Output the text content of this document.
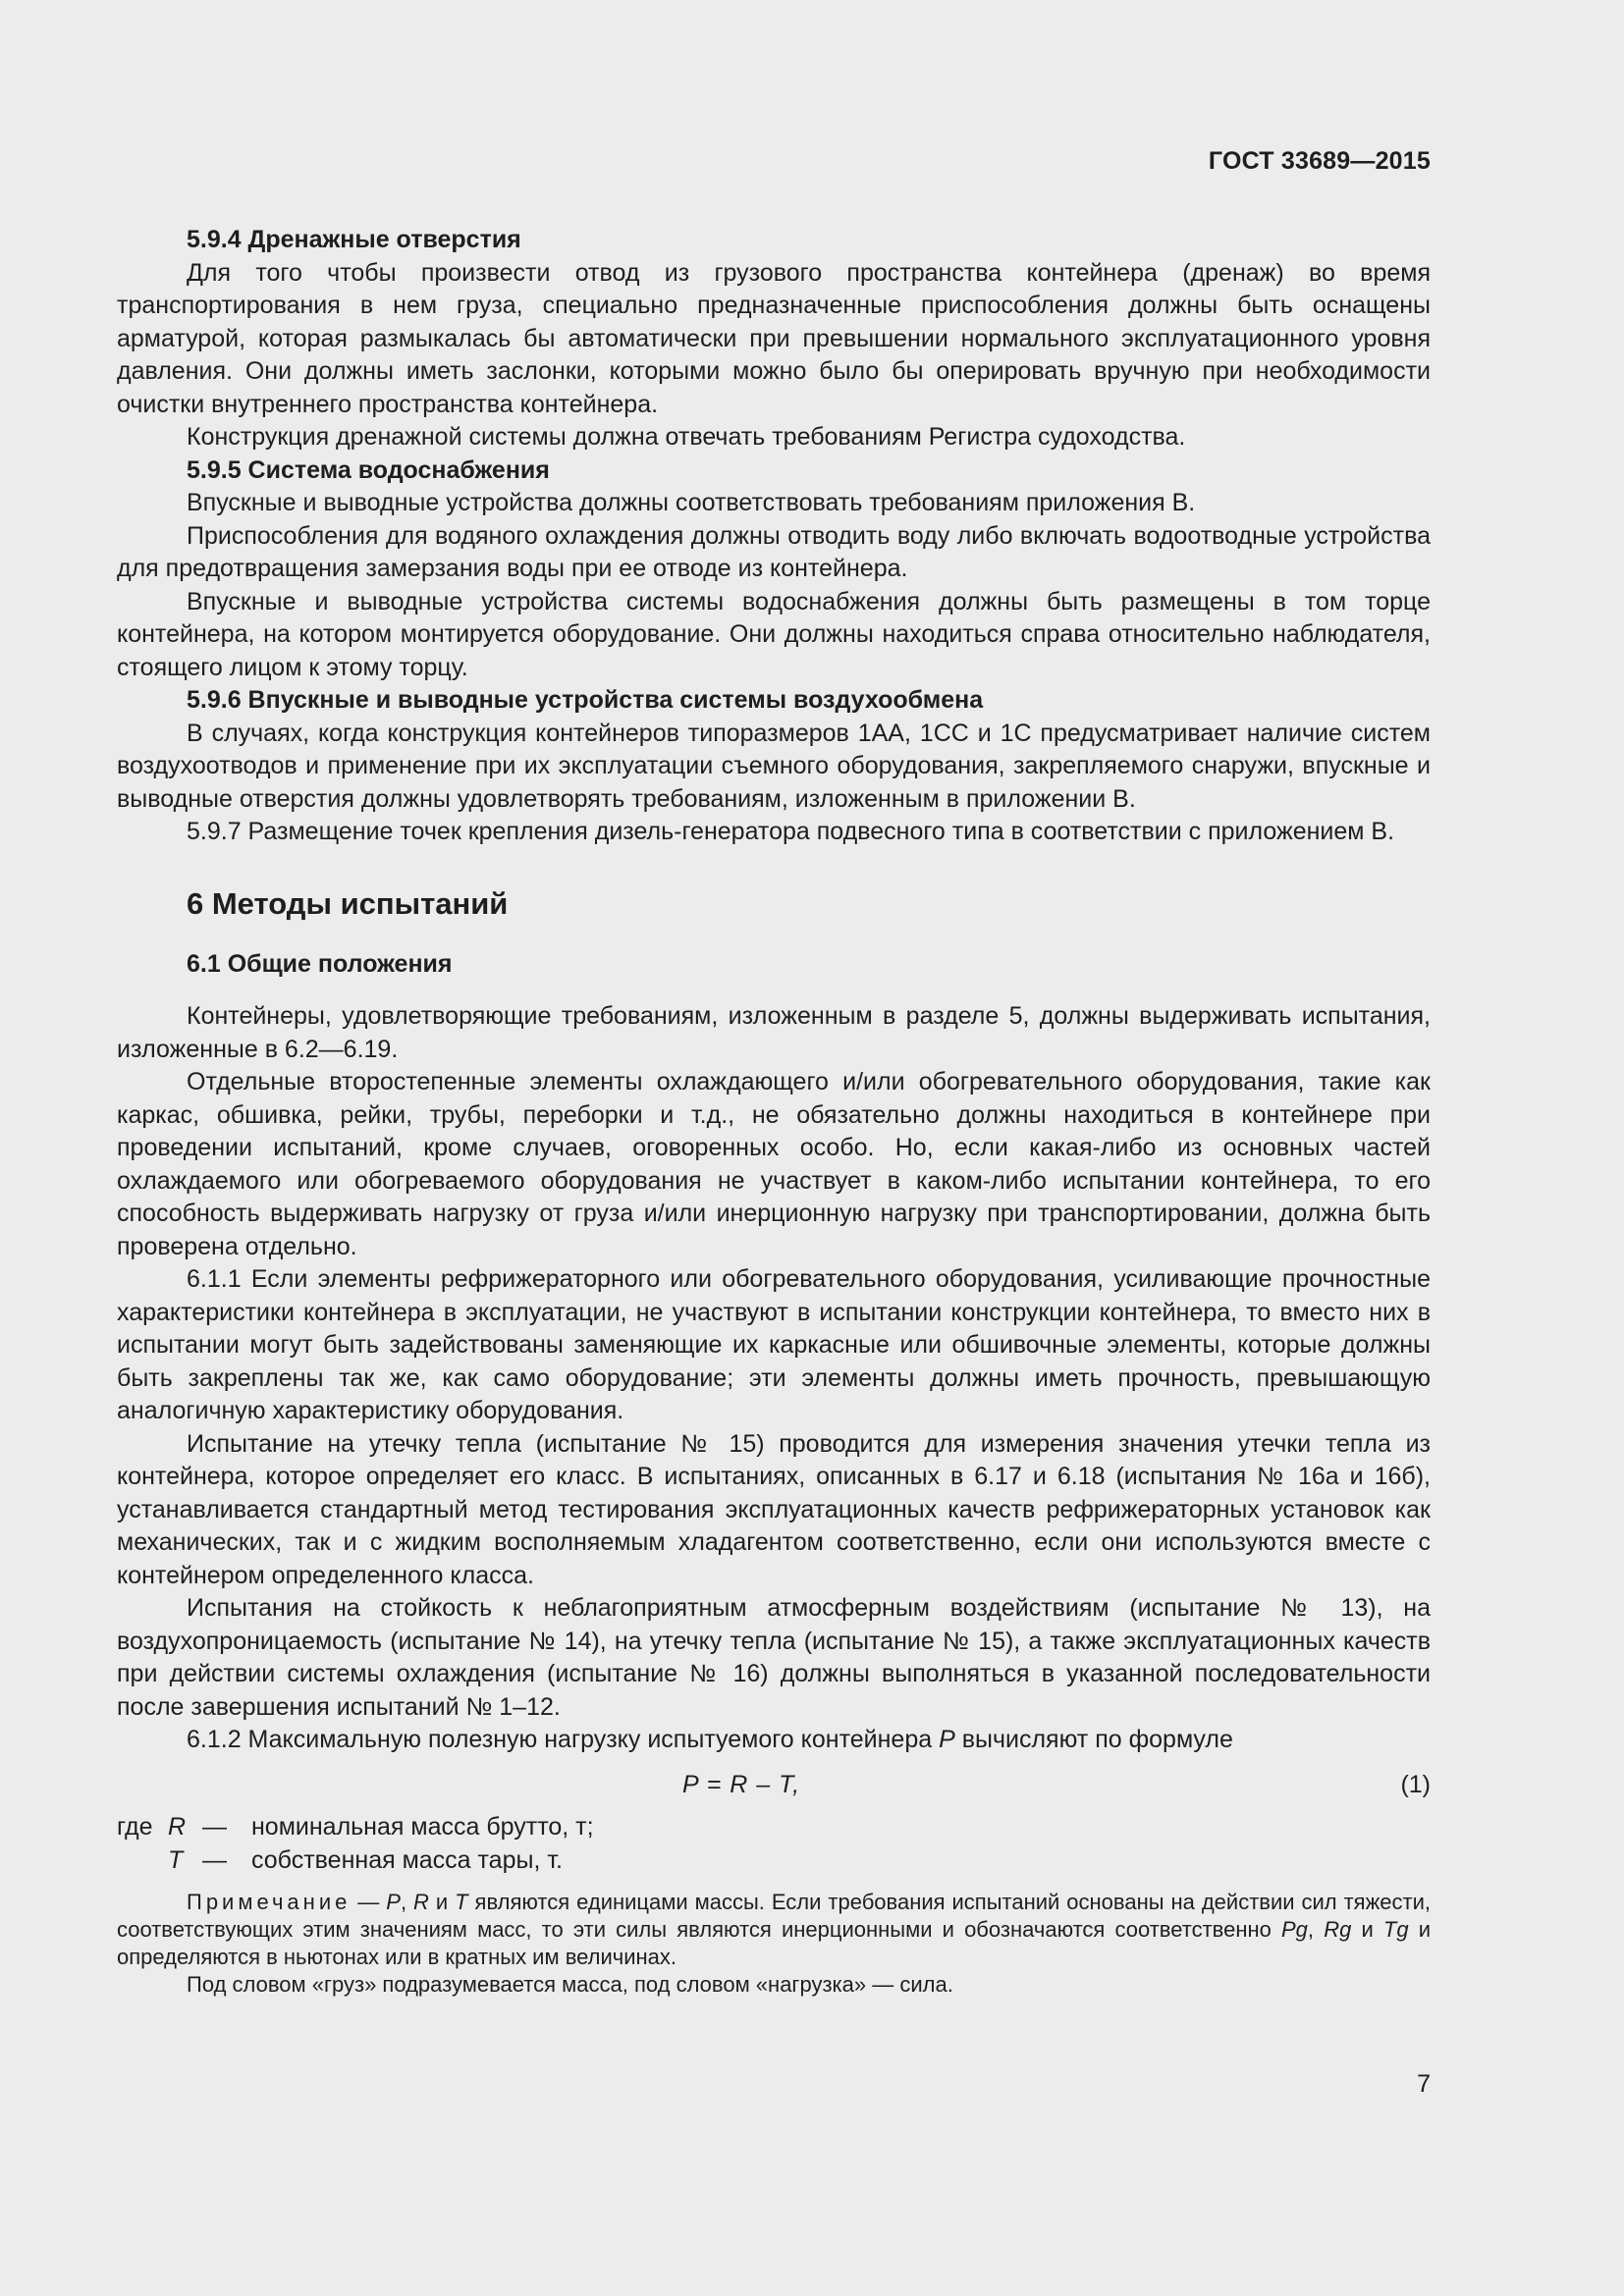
ГОСТ 33689—2015

5.9.4 Дренажные отверстия

Для того чтобы произвести отвод из грузового пространства контейнера (дренаж) во время транспортирования в нем груза, специально предназначенные приспособления должны быть оснащены арматурой, которая размыкалась бы автоматически при превышении нормального эксплуатационного уровня давления. Они должны иметь заслонки, которыми можно было бы оперировать вручную при необходимости очистки внутреннего пространства контейнера.

Конструкция дренажной системы должна отвечать требованиям Регистра судоходства.

5.9.5 Система водоснабжения

Впускные и выводные устройства должны соответствовать требованиям приложения В.

Приспособления для водяного охлаждения должны отводить воду либо включать водоотводные устройства для предотвращения замерзания воды при ее отводе из контейнера.

Впускные и выводные устройства системы водоснабжения должны быть размещены в том торце контейнера, на котором монтируется оборудование. Они должны находиться справа относительно наблюдателя, стоящего лицом к этому торцу.

5.9.6 Впускные и выводные устройства системы воздухообмена

В случаях, когда конструкция контейнеров типоразмеров 1АА, 1СС и 1С предусматривает наличие систем воздухоотводов и применение при их эксплуатации съемного оборудования, закрепляемого снаружи, впускные и выводные отверстия должны удовлетворять требованиям, изложенным в приложении В.

5.9.7 Размещение точек крепления дизель-генератора подвесного типа в соответствии с приложением В.

6 Методы испытаний
6.1 Общие положения

Контейнеры, удовлетворяющие требованиям, изложенным в разделе 5, должны выдерживать испытания, изложенные в 6.2—6.19.

Отдельные второстепенные элементы охлаждающего и/или обогревательного оборудования, такие как каркас, обшивка, рейки, трубы, переборки и т.д., не обязательно должны находиться в контейнере при проведении испытаний, кроме случаев, оговоренных особо. Но, если какая-либо из основных частей охлаждаемого или обогреваемого оборудования не участвует в каком-либо испытании контейнера, то его способность выдерживать нагрузку от груза и/или инерционную нагрузку при транспортировании, должна быть проверена отдельно.

6.1.1 Если элементы рефрижераторного или обогревательного оборудования, усиливающие прочностные характеристики контейнера в эксплуатации, не участвуют в испытании конструкции контейнера, то вместо них в испытании могут быть задействованы заменяющие их каркасные или обшивочные элементы, которые должны быть закреплены так же, как само оборудование; эти элементы должны иметь прочность, превышающую аналогичную характеристику оборудования.

Испытание на утечку тепла (испытание № 15) проводится для измерения значения утечки тепла из контейнера, которое определяет его класс. В испытаниях, описанных в 6.17 и 6.18 (испытания № 16а и 16б), устанавливается стандартный метод тестирования эксплуатационных качеств рефрижераторных установок как механических, так и с жидким восполняемым хладагентом соответственно, если они используются вместе с контейнером определенного класса.

Испытания на стойкость к неблагоприятным атмосферным воздействиям (испытание № 13), на воздухопроницаемость (испытание № 14), на утечку тепла (испытание № 15), а также эксплуатационных качеств при действии системы охлаждения (испытание № 16) должны выполняться в указанной последовательности после завершения испытаний № 1–12.

6.1.2 Максимальную полезную нагрузку испытуемого контейнера P вычисляют по формуле

P = R – T,	(1)
где R —	номинальная масса брутто, т;
T —	собственная масса тары, т.

Примечание — P, R и T являются единицами массы. Если требования испытаний основаны на действии сил тяжести, соответствующих этим значениям масс, то эти силы являются инерционными и обозначаются соответственно Pg, Rg и Tg и определяются в ньютонах или в кратных им величинах.

Под словом «груз» подразумевается масса, под словом «нагрузка» — сила.

7
